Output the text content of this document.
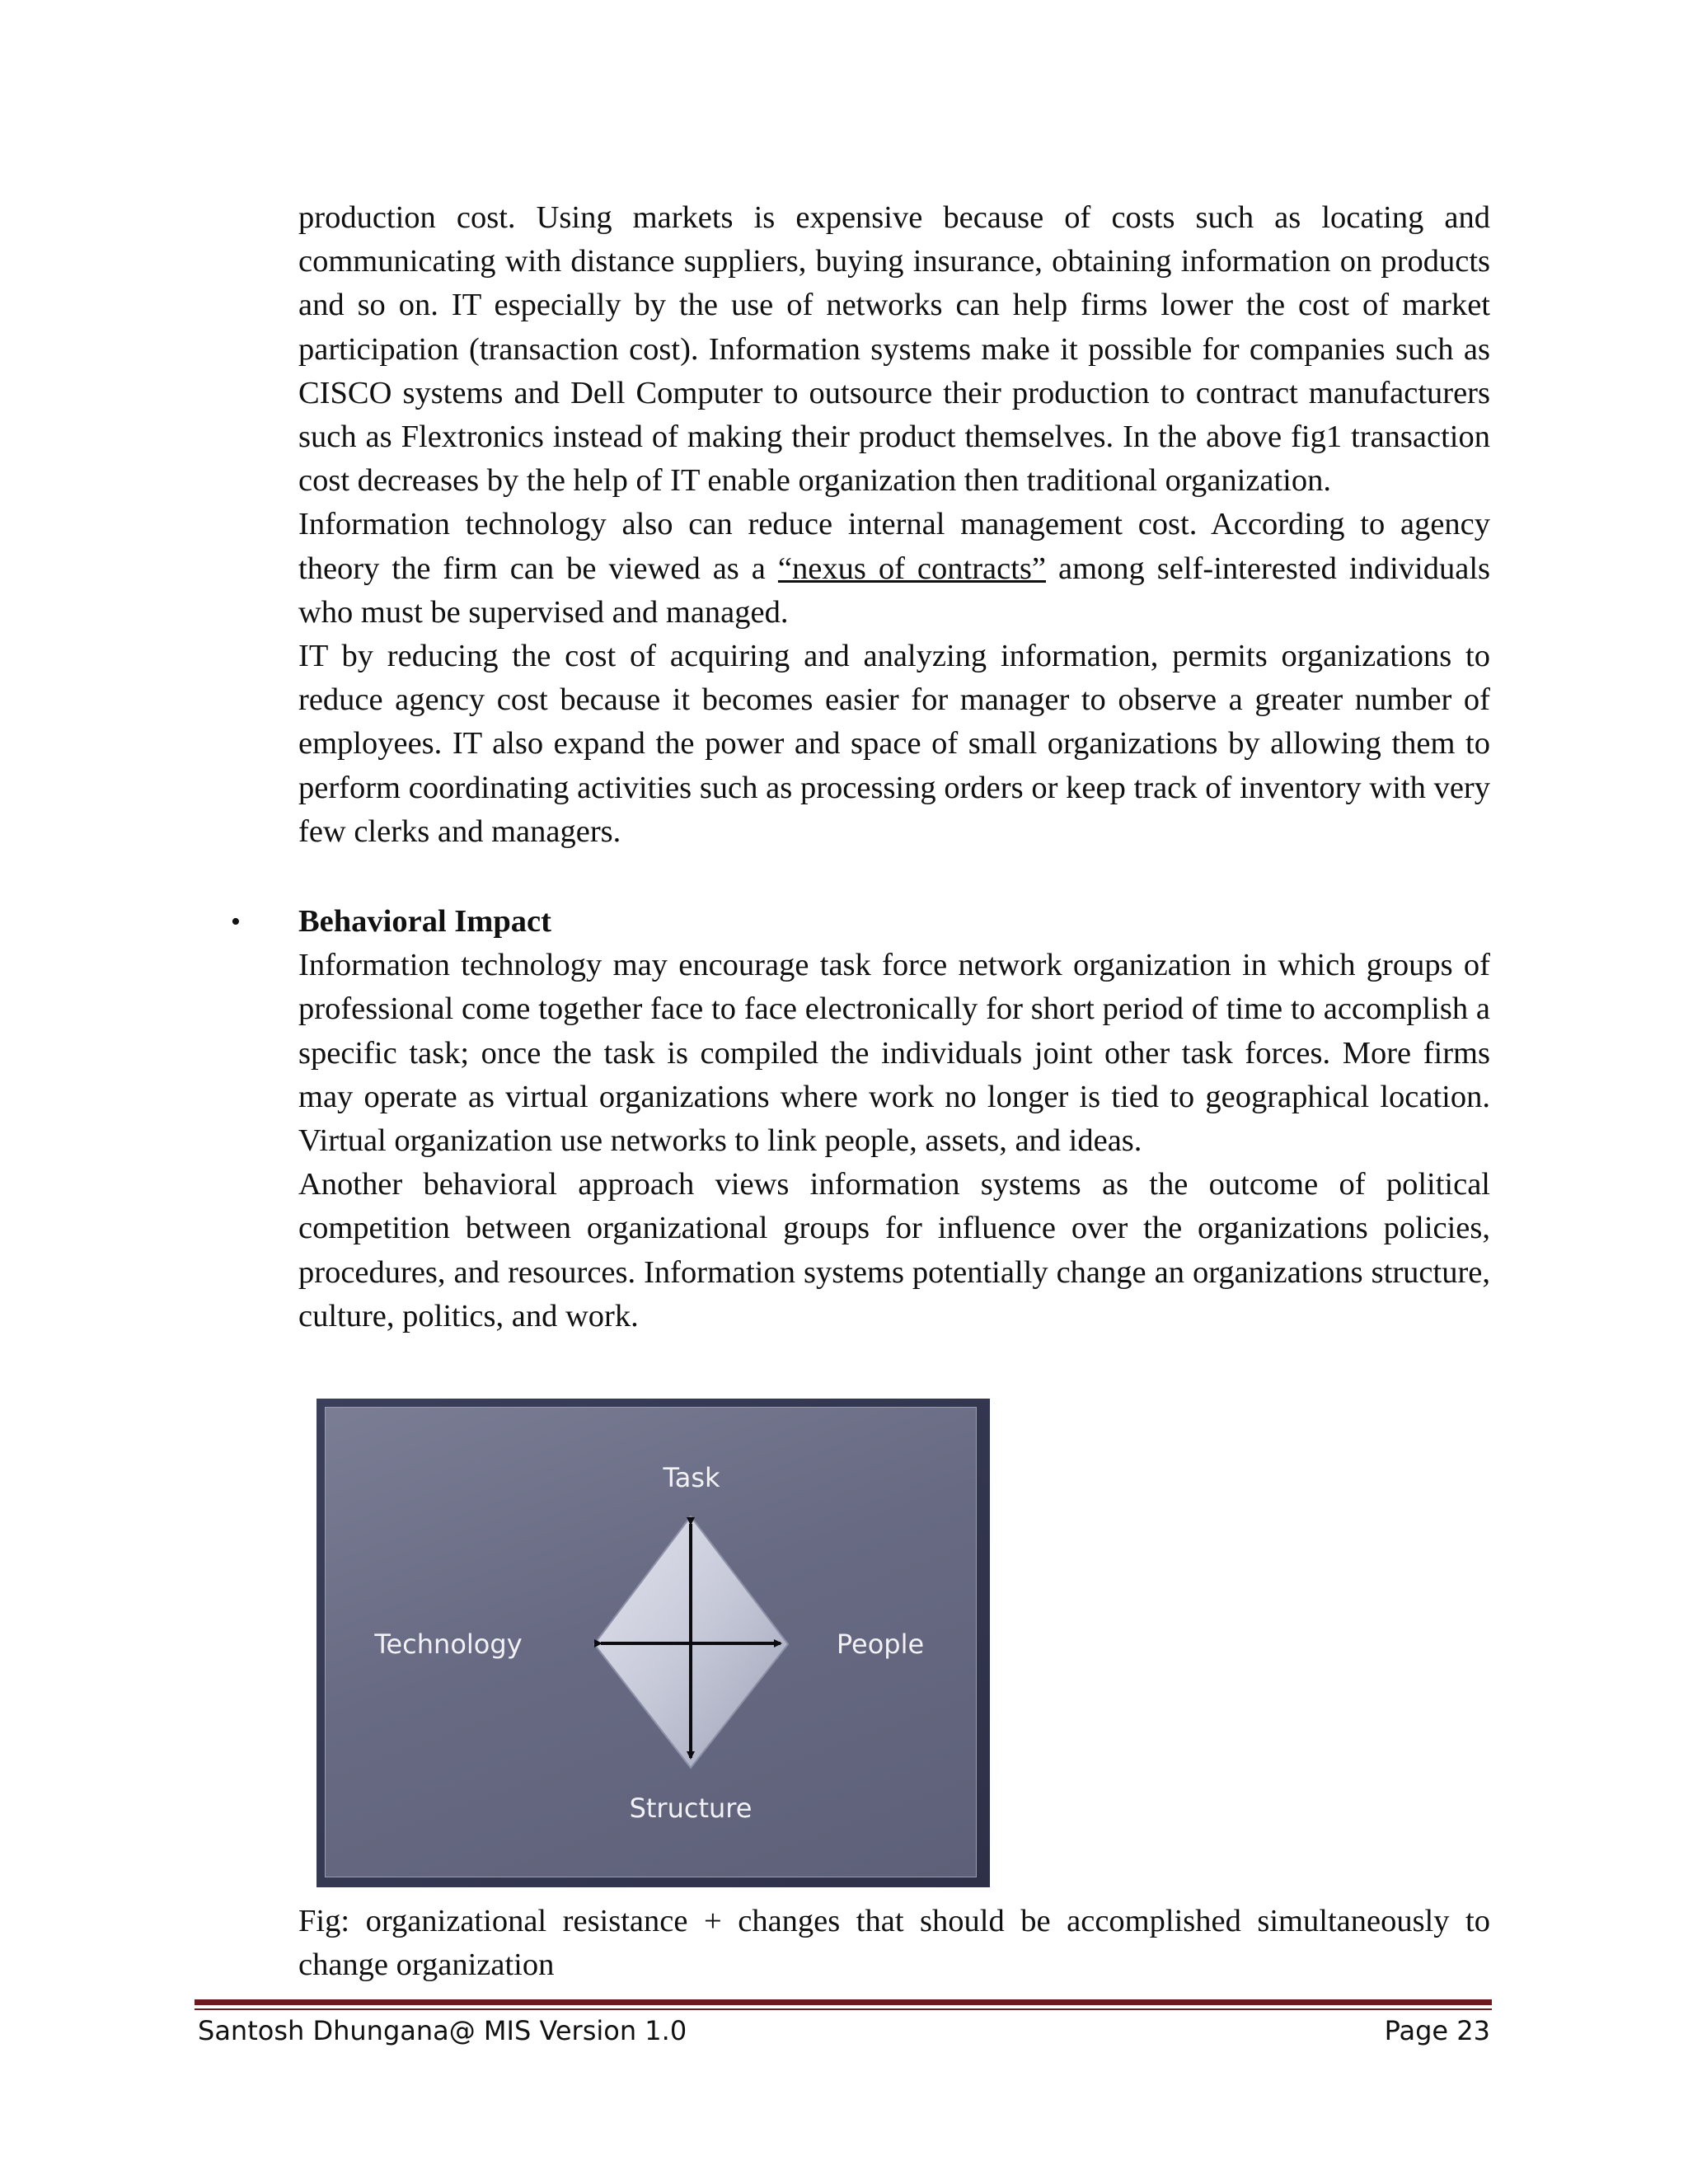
production cost. Using markets is expensive because of costs such as locating and communicating with distance suppliers, buying insurance, obtaining information on products and so on. IT especially by the use of networks can help firms lower the cost of market participation (transaction cost). Information systems make it possible for companies such as CISCO systems and Dell Computer to outsource their production to contract manufacturers such as Flextronics instead of making their product themselves. In the above fig1 transaction cost decreases by the help of IT enable organization then traditional organization.

Information technology also can reduce internal management cost. According to agency theory the firm can be viewed as a “nexus of contracts” among self-interested individuals who must be supervised and managed.

IT by reducing the cost of acquiring and analyzing information, permits organizations to reduce agency cost because it becomes easier for manager to observe a greater number of employees. IT also expand the power and space of small organizations by allowing them to perform coordinating activities such as processing orders or keep track of inventory with very few clerks and managers.

• Behavioral Impact

Information technology may encourage task force network organization in which groups of professional come together face to face electronically for short period of time to accomplish a specific task; once the task is compiled the individuals joint other task forces. More firms may operate as virtual organizations where work no longer is tied to geographical location. Virtual organization use networks to link people, assets, and ideas.

Another behavioral approach views information systems as the outcome of political competition between organizational groups for influence over the organizations policies, procedures, and resources. Information systems potentially change an organizations structure, culture, politics, and work.

Task
Technology	People
Structure
Fig: organizational resistance + changes that should be accomplished simultaneously to change organization
Santosh Dhungana@ MIS Version 1.0	Page 23
